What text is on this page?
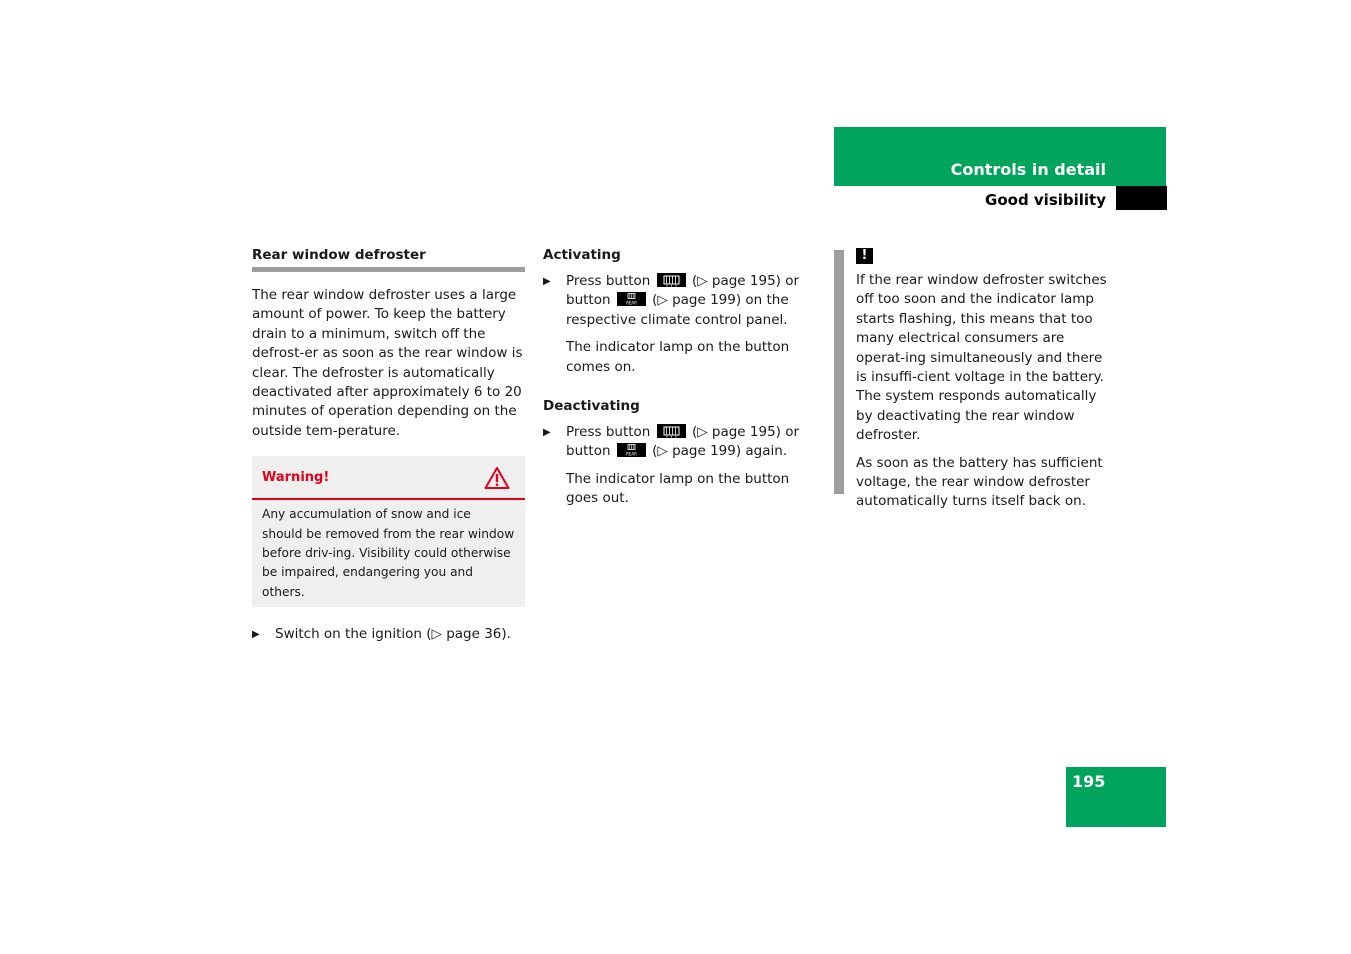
Controls in detail
Good visibility

Rear window defroster

The rear window defroster uses a large amount of power. To keep the battery drain to a minimum, switch off the defrost-er as soon as the rear window is clear. The defroster is automatically deactivated after approximately 6 to 20 minutes of operation depending on the outside tem-perature.

Warning!

Any accumulation of snow and ice should be removed from the rear window before driv-ing. Visibility could otherwise be impaired, endangering you and others.

▶ Switch on the ignition (▷ page 36).

Activating

▶ Press button	(▷ page 195) or button	REAR (▷ page 199) on the respective climate control panel.

The indicator lamp on the button comes on.

Deactivating

▶ Press button	(▷ page 195) or button	REAR (▷ page 199) again.

The indicator lamp on the button goes out.

!

If the rear window defroster switches off too soon and the indicator lamp starts flashing, this means that too many electrical consumers are operat-ing simultaneously and there is insuffi-cient voltage in the battery. The system responds automatically by deactivating the rear window defroster.

As soon as the battery has sufficient voltage, the rear window defroster automatically turns itself back on.

195
